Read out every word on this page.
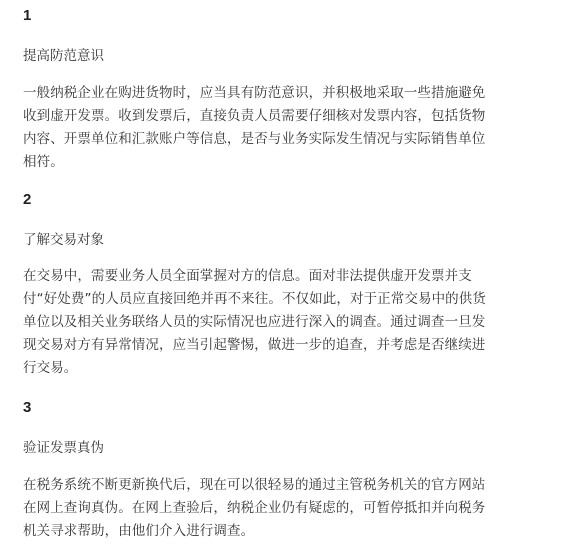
1
提高防范意识
一般纳税企业在购进货物时，应当具有防范意识，并积极地采取一些措施避免
收到虚开发票。收到发票后，直接负责人员需要仔细核对发票内容，包括货物
内容、开票单位和汇款账户等信息，是否与业务实际发生情况与实际销售单位
相符。
2
了解交易对象
在交易中，需要业务人员全面掌握对方的信息。面对非法提供虚开发票并支
付“好处费”的人员应直接回绝并再不来往。不仅如此，对于正常交易中的供货
单位以及相关业务联络人员的实际情况也应进行深入的调查。通过调查一旦发
现交易对方有异常情况，应当引起警惕，做进一步的追查，并考虑是否继续进
行交易。
3
验证发票真伪
在税务系统不断更新换代后，现在可以很轻易的通过主管税务机关的官方网站
在网上查询真伪。在网上查验后，纳税企业仍有疑虑的，可暂停抵扣并向税务
机关寻求帮助，由他们介入进行调查。
